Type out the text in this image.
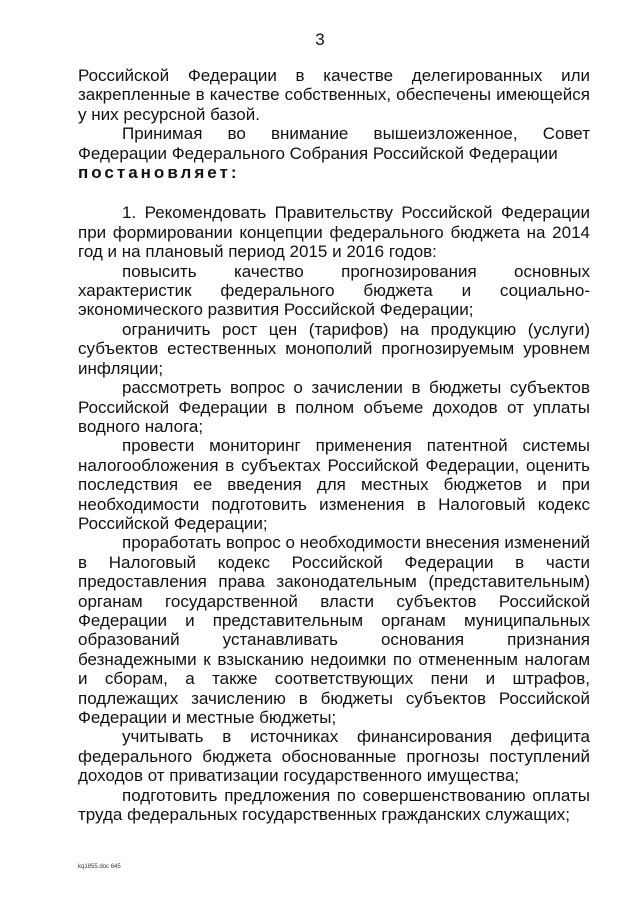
3

Российской Федерации в качестве делегированных или закрепленные в качестве собственных, обеспечены имеющейся у них ресурсной базой.

Принимая во внимание вышеизложенное, Совет Федерации Федерального Собрания Российской Федерации

постановляет:

1. Рекомендовать Правительству Российской Федерации при формировании концепции федерального бюджета на 2014 год и на плановый период 2015 и 2016 годов:

повысить качество прогнозирования основных характеристик федерального бюджета и социально-экономического развития Российской Федерации;

ограничить рост цен (тарифов) на продукцию (услуги) субъектов естественных монополий прогнозируемым уровнем инфляции;

рассмотреть вопрос о зачислении в бюджеты субъектов Российской Федерации в полном объеме доходов от уплаты водного налога;

провести мониторинг применения патентной системы налогообложения в субъектах Российской Федерации, оценить последствия ее введения для местных бюджетов и при необходимости подготовить изменения в Налоговый кодекс Российской Федерации;

проработать вопрос о необходимости внесения изменений в Налоговый кодекс Российской Федерации в части предоставления права законодательным (представительным) органам государственной власти субъектов Российской Федерации и представительным органам муниципальных образований устанавливать основания признания безнадежными к взысканию недоимки по отмененным налогам и сборам, а также соответствующих пени и штрафов, подлежащих зачислению в бюджеты субъектов Российской Федерации и местные бюджеты;

учитывать в источниках финансирования дефицита федерального бюджета обоснованные прогнозы поступлений доходов от приватизации государственного имущества;

подготовить предложения по совершенствованию оплаты труда федеральных государственных гражданских служащих;

kq1855.doc 645
